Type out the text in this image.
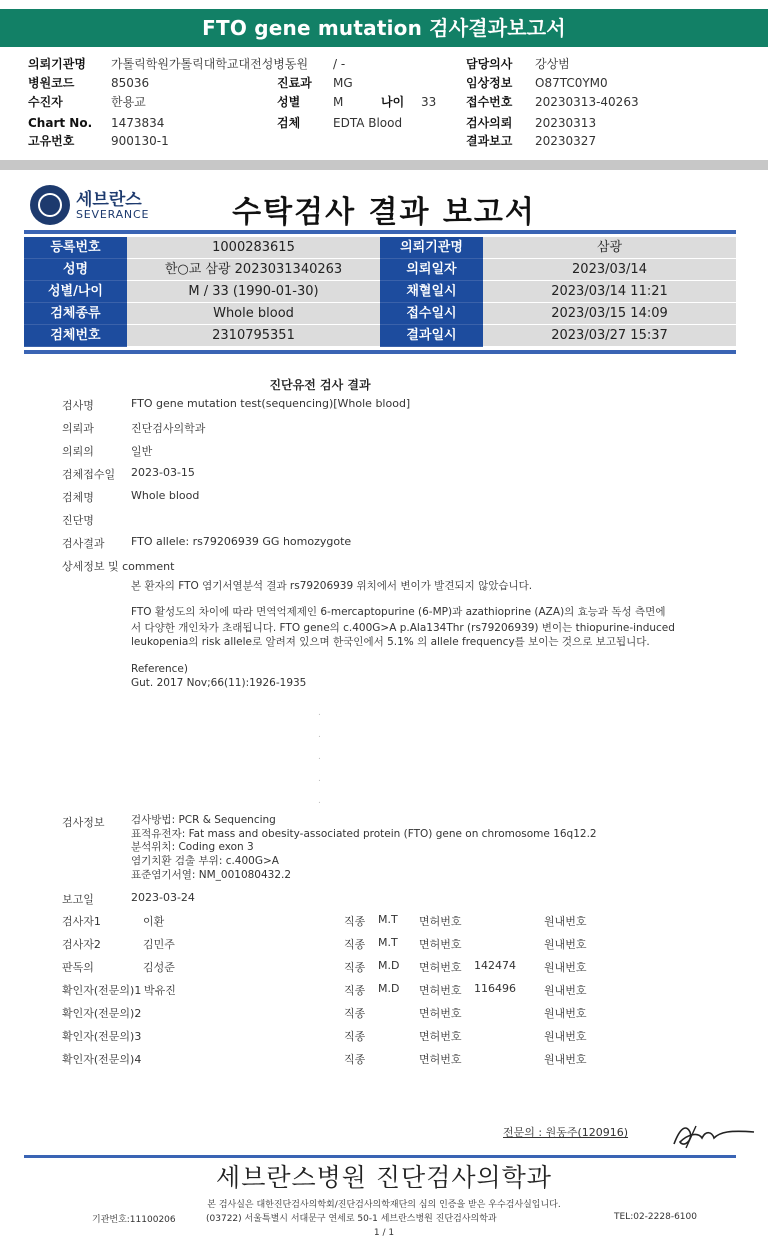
FTO gene mutation 검사결과보고서
의뢰기관명 가톨릭학원가톨릭대학교대전성병동원 / -	담당의사 강상범
병원코드	85036	진료과 MG	임상정보 O87TC0YM0
수진자	한용교	성별	M	나이 33 접수번호 20230313-40263
Chart No. 1473834	검체	EDTA Blood	검사의뢰 20230313
고유번호	900130-1	결과보고 20230327
세브란스
SEVERANCE	수탁검사 결과 보고서
등록번호	1000283615	의뢰기관명	삼광
성명	한○교 삼광 2023031340263	의뢰일자	2023/03/14
성별/나이	M / 33 (1990-01-30)	채혈일시	2023/03/14 11:21
검체종류	Whole blood	접수일시	2023/03/15 14:09
검체번호	2310795351	결과일시	2023/03/27 15:37
진단유전 검사 결과
검사명	FTO gene mutation test(sequencing)[Whole blood]
의뢰과	진단검사의학과
의뢰의	일반
검체접수일 2023-03-15
검체명	Whole blood
진단명
검사결과 FTO allele: rs79206939 GG homozygote
상세정보 및 comment
본 환자의 FTO 염기서열분석 결과 rs79206939 위치에서 변이가 발견되지 않았습니다.
FTO 활성도의 차이에 따라 면역억제제인 6-mercaptopurine (6-MP)과 azathioprine (AZA)의 효능과 독성 측면에
서 다양한 개인차가 초래됩니다. FTO gene의 c.400G>A p.Ala134Thr (rs79206939) 변이는 thiopurine-induced
leukopenia의 risk allele로 알려져 있으며 한국인에서 5.1% 의 allele frequency를 보이는 것으로 보고됩니다.
Reference)
Gut. 2017 Nov;66(11):1926-1935
.
.
.
.
.
검사정보	검사방법: PCR & Sequencing
표적유전자: Fat mass and obesity-associated protein (FTO) gene on chromosome 16q12.2
분석위치: Coding exon 3
염기치환 검출 부위: c.400G>A
표준염기서열: NM_001080432.2
보고일	2023-03-24
검사자1	이환	직종 M.T 면허번호	원내번호
검사자2	김민주	직종 M.T 면허번호	원내번호
판독의	김성준	직종 M.D 면허번호 142474	원내번호
확인자(전문의)1 박유진	직종 M.D 면허번호 116496	원내번호
확인자(전문의)2	직종	면허번호	원내번호
확인자(전문의)3	직종	면허번호	원내번호
확인자(전문의)4	직종	면허번호	원내번호
전문의 : 원동주(120916)
세브란스병원 진단검사의학과
본 검사실은 대한진단검사의학회/진단검사의학재단의 심의 인증을 받은 우수검사실입니다.
기관번호:11100206	(03722) 서울특별시 서대문구 연세로 50-1 세브란스병원 진단검사의학과	TEL:02-2228-6100
1 / 1
